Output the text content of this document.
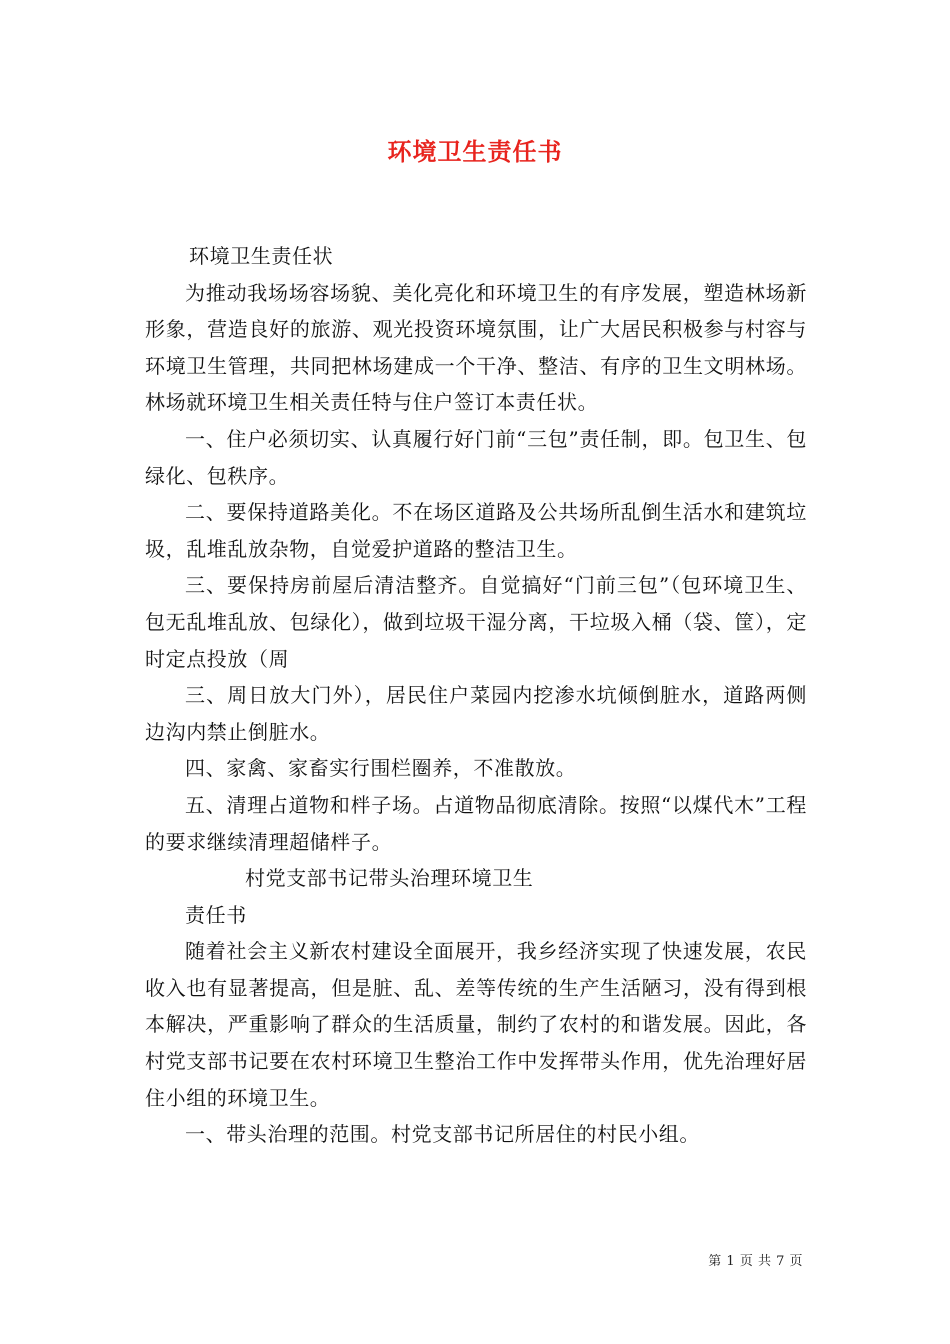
环境卫生责任书

环境卫生责任状

为推动我场场容场貌、美化亮化和环境卫生的有序发展，塑造林场新形象，营造良好的旅游、观光投资环境氛围，让广大居民积极参与村容与环境卫生管理，共同把林场建成一个干净、整洁、有序的卫生文明林场。林场就环境卫生相关责任特与住户签订本责任状。

一、住户必须切实、认真履行好门前“三包”责任制，即。包卫生、包绿化、包秩序。

二、要保持道路美化。不在场区道路及公共场所乱倒生活水和建筑垃圾，乱堆乱放杂物，自觉爱护道路的整洁卫生。

三、要保持房前屋后清洁整齐。自觉搞好“门前三包”（包环境卫生、包无乱堆乱放、包绿化），做到垃圾干湿分离，干垃圾入桶（袋、筐），定时定点投放（周

三、周日放大门外），居民住户菜园内挖渗水坑倾倒脏水，道路两侧边沟内禁止倒脏水。

四、家禽、家畜实行围栏圈养，不准散放。

五、清理占道物和柈子场。占道物品彻底清除。按照“以煤代木”工程的要求继续清理超储柈子。

村党支部书记带头治理环境卫生

责任书

随着社会主义新农村建设全面展开，我乡经济实现了快速发展，农民收入也有显著提高，但是脏、乱、差等传统的生产生活陋习，没有得到根本解决，严重影响了群众的生活质量，制约了农村的和谐发展。因此，各村党支部书记要在农村环境卫生整治工作中发挥带头作用，优先治理好居住小组的环境卫生。

一、带头治理的范围。村党支部书记所居住的村民小组。

第 1 页 共 7 页
